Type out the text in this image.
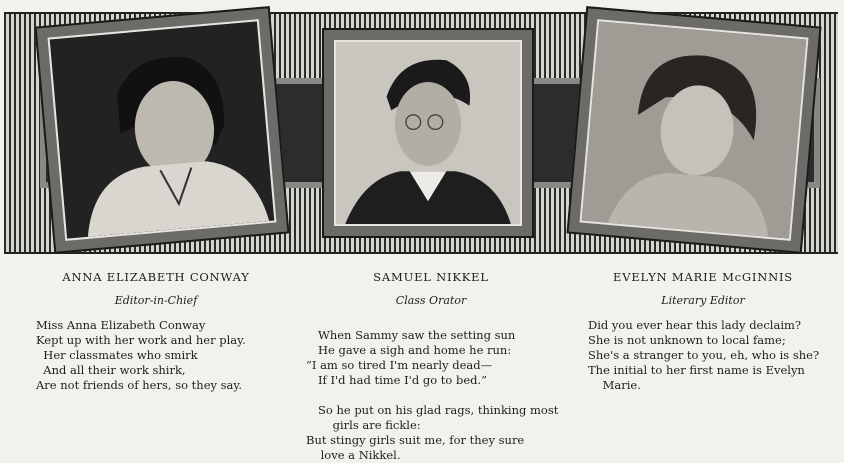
ANNA ELIZABETH CONWAY
Editor-in-Chief
Miss Anna Elizabeth Conway
Kept up with her work and her play.
Her classmates who smirk
And all their work shirk,
Are not friends of hers, so they say.
SAMUEL NIKKEL
Class Orator
When Sammy saw the setting sun
He gave a sigh and home he run:
“I am so tired I'm nearly dead—
If I'd had time I'd go to bed.”
So he put on his glad rags, thinking most
girls are fickle:
But stingy girls suit me, for they sure
love a Nikkel.
EVELYN MARIE McGINNIS
Literary Editor
Did you ever hear this lady declaim?
She is not unknown to local fame;
She's a stranger to you, eh, who is she?
The initial to her first name is Evelyn
Marie.
